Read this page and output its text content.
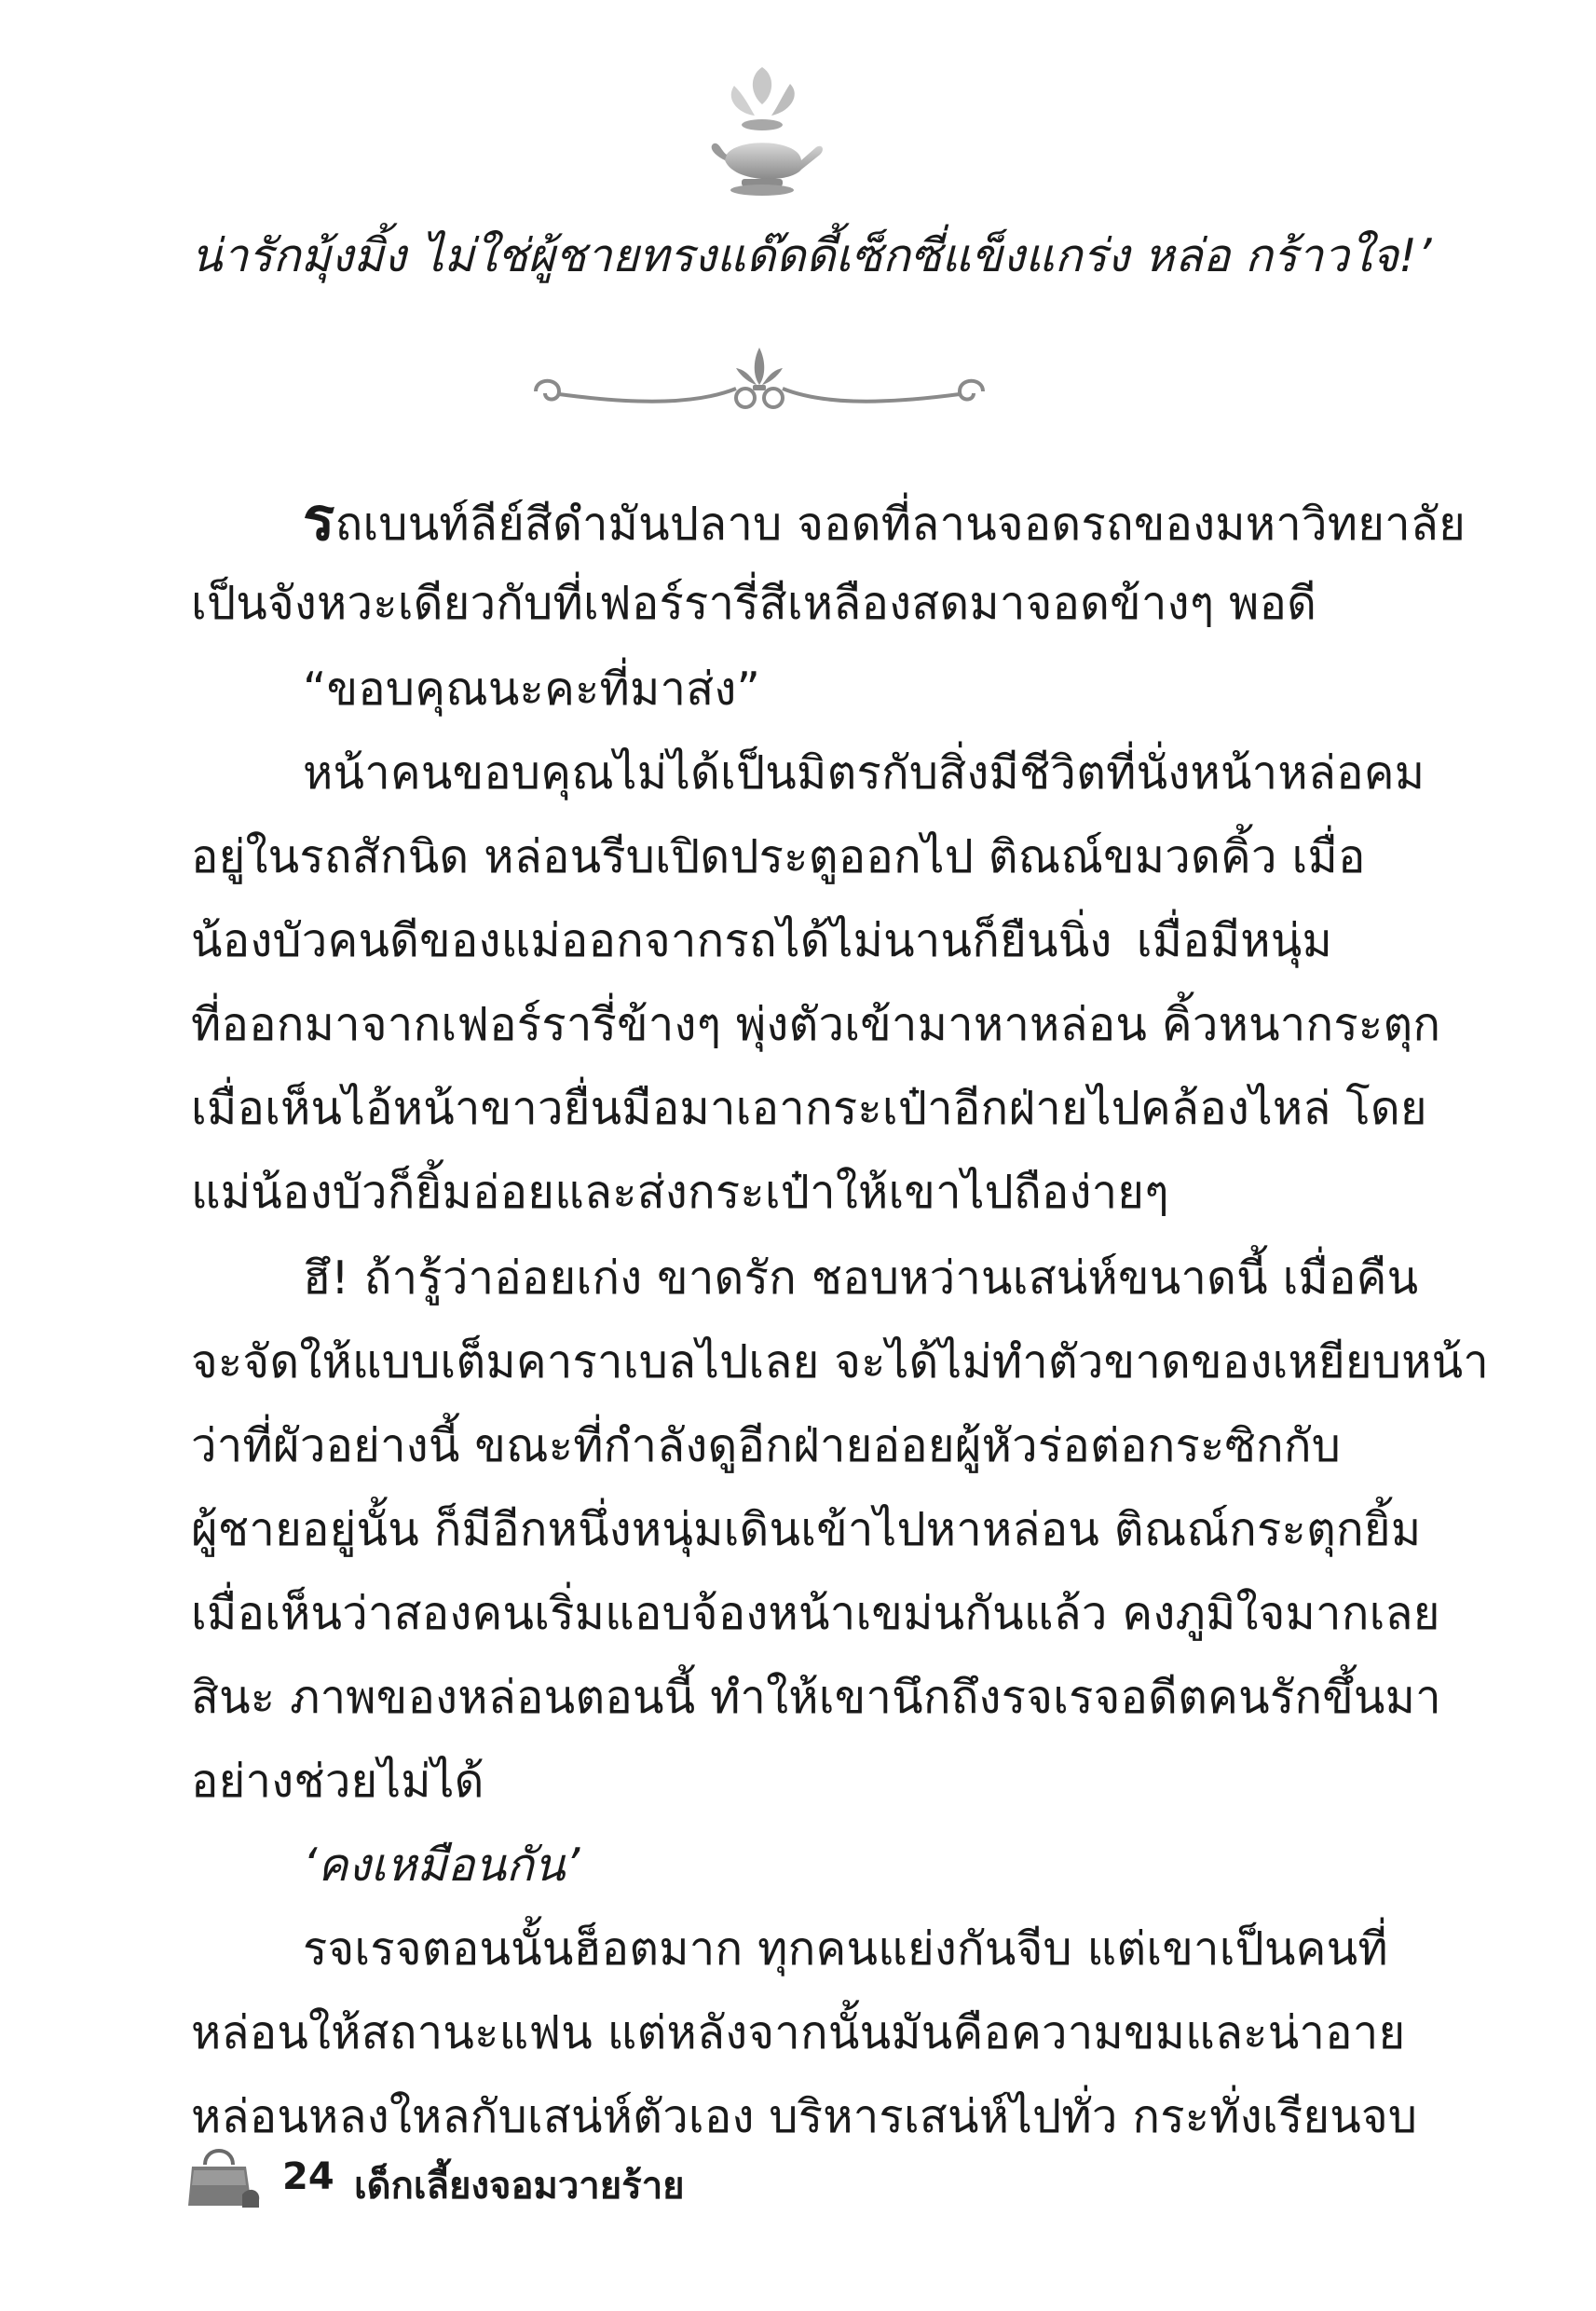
น่ารักมุ้งมิ้ง ไม่ใช่ผู้ชายทรงแด๊ดดี้เซ็กซี่แข็งแกร่ง หล่อ กร้าวใจ!’
รถเบนท์ลีย์สีดำมันปลาบ จอดที่ลานจอดรถของมหาวิทยาลัย
เป็นจังหวะเดียวกับที่เฟอร์รารี่สีเหลืองสดมาจอดข้างๆ พอดี
“ขอบคุณนะคะที่มาส่ง”
หน้าคนขอบคุณไม่ได้เป็นมิตรกับสิ่งมีชีวิตที่นั่งหน้าหล่อคม
อยู่ในรถสักนิด หล่อนรีบเปิดประตูออกไป ติณณ์ขมวดคิ้ว เมื่อ
น้องบัวคนดีของแม่ออกจากรถได้ไม่นานก็ยืนนิ่ง เมื่อมีหนุ่ม
ที่ออกมาจากเฟอร์รารี่ข้างๆ พุ่งตัวเข้ามาหาหล่อน คิ้วหนากระตุก
เมื่อเห็นไอ้หน้าขาวยื่นมือมาเอากระเป๋าอีกฝ่ายไปคล้องไหล่ โดย
แม่น้องบัวก็ยิ้มอ่อยและส่งกระเป๋าให้เขาไปถือง่ายๆ
ฮึ! ถ้ารู้ว่าอ่อยเก่ง ขาดรัก ชอบหว่านเสน่ห์ขนาดนี้ เมื่อคืน
จะจัดให้แบบเต็มคาราเบลไปเลย จะได้ไม่ทำตัวขาดของเหยียบหน้า
ว่าที่ผัวอย่างนี้ ขณะที่กำลังดูอีกฝ่ายอ่อยผู้หัวร่อต่อกระซิกกับ
ผู้ชายอยู่นั้น ก็มีอีกหนึ่งหนุ่มเดินเข้าไปหาหล่อน ติณณ์กระตุกยิ้ม
เมื่อเห็นว่าสองคนเริ่มแอบจ้องหน้าเขม่นกันแล้ว คงภูมิใจมากเลย
สินะ ภาพของหล่อนตอนนี้ ทำให้เขานึกถึงรจเรจอดีตคนรักขึ้นมา
อย่างช่วยไม่ได้
‘คงเหมือนกัน’
รจเรจตอนนั้นฮ็อตมาก ทุกคนแย่งกันจีบ แต่เขาเป็นคนที่
หล่อนให้สถานะแฟน แต่หลังจากนั้นมันคือความขมและน่าอาย
หล่อนหลงใหลกับเสน่ห์ตัวเอง บริหารเสน่ห์ไปทั่ว กระทั่งเรียนจบ
24 เด็กเลี้ยงจอมวายร้าย
